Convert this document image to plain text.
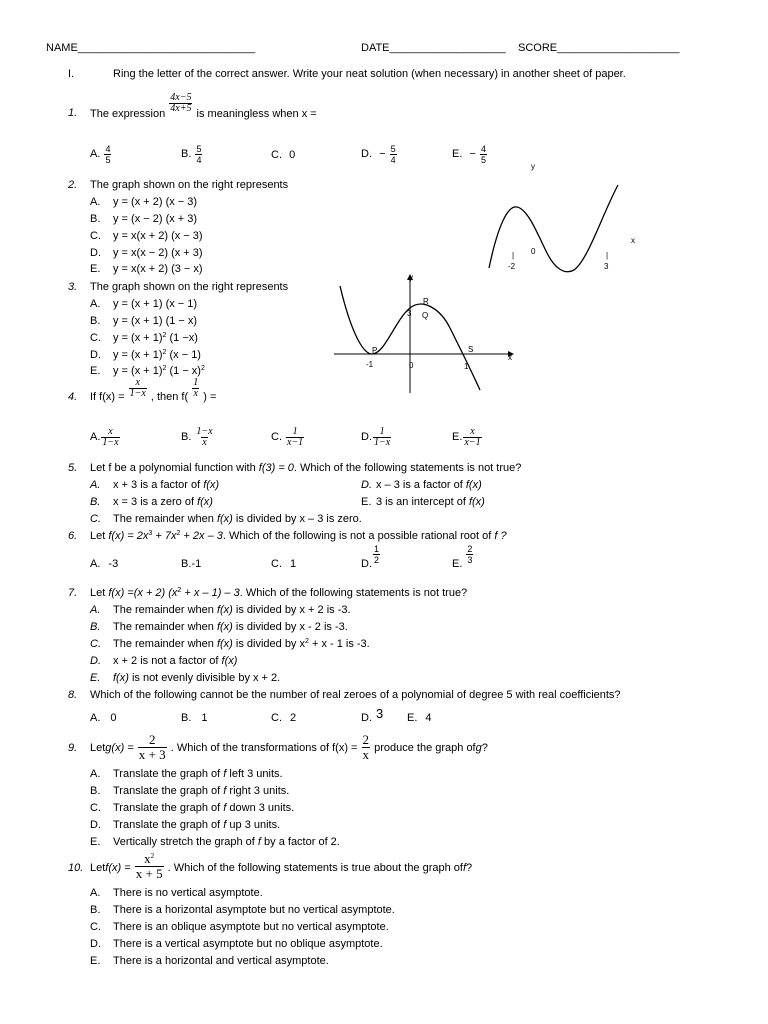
NAME_____________________________	DATE___________________ SCORE____________________
I.	Ring the letter of the correct answer. Write your neat solution (when necessary) in another sheet of paper.
1. The expression $\frac{4x-5}{4x+5}$ is meaningless when x =
A. $\frac{4}{5}$	B. $\frac{5}{4}$	C. 0	D. − $\frac{5}{4}$	E. − $\frac{4}{5}$
2. The graph shown on the right represents
A. y = (x + 2) (x − 3)
B. y = (x − 2) (x + 3)
C. y = x(x + 2) (x − 3)
D. y = x(x − 2) (x + 3)
E. y = x(x + 2) (3 − x)
y
x
0
|
-2
|
3
3. The graph shown on the right represents
A. y = (x + 1) (x − 1)
B. y = (x + 1) (1 − x)
C. $y = (x + 1)^2$ (1 −x)
D. $y = (x + 1)^2$ (x − 1)
E. $y = (x + 1)^2$ $(1 - x)^2$
y
x
P
R
Q
S
3
-1	0	1
4. If $f(x) = \frac{x}{1-x}$ , then $f( \frac{1}{x}$ ) =
A. $\frac{x}{1-x}$	B. $\frac{1-x}{x}$	C. $\frac{1}{x-1}$	D. $\frac{1}{1-x}$	E. $\frac{x}{x-1}$
5. Let f be a polynomial function with f(3) = 0. Which of the following statements is not true?
A. x + 3 is a factor of f(x)	D. x – 3 is a factor of f(x)
B. x = 3 is a zero of f(x)	E. 3 is an intercept of f(x)
C. The remainder when f(x) is divided by x – 3 is zero.
6. Let $f(x) = 2x^3 + 7x^2 + 2x - 3$. Which of the following is not a possible rational root of f ?
A. -3	B.-1	C. 1	D. $\frac{1}{2}$	E. $\frac{2}{3}$
7. Let f(x) =(x + 2) $(x^2 + x - 1) - 3$. Which of the following statements is not true?
A. The remainder when f(x) is divided by x + 2 is -3.
B. The remainder when f(x) is divided by x - 2 is -3.
C. The remainder when f(x) is divided by $x^2 + x - 1$ is -3.
D. x + 2 is not a factor of f(x)
E. f(x) is not evenly divisible by x + 2.
8. Which of the following cannot be the number of real zeroes of a polynomial of degree 5 with real coefficients?
A. 0	B. 1	C. 2	D. 3 E. 4
9. Letg(x) = $\frac{2}{x + 3}$ . Which of the transformations of $f(x) = \frac{2}{x}$ produce the graph ofg?
A. Translate the graph of f left 3 units.
B. Translate the graph of f right 3 units.
C. Translate the graph of f down 3 units.
D. Translate the graph of f up 3 units.
E. Vertically stretch the graph of f by a factor of 2.
10. Letf(x) = $\frac{x^2}{x + 5}$ . Which of the following statements is true about the graph off?
A. There is no vertical asymptote.
B. There is a horizontal asymptote but no vertical asymptote.
C. There is an oblique asymptote but no vertical asymptote.
D. There is a vertical asymptote but no oblique asymptote.
E. There is a horizontal and vertical asymptote.
